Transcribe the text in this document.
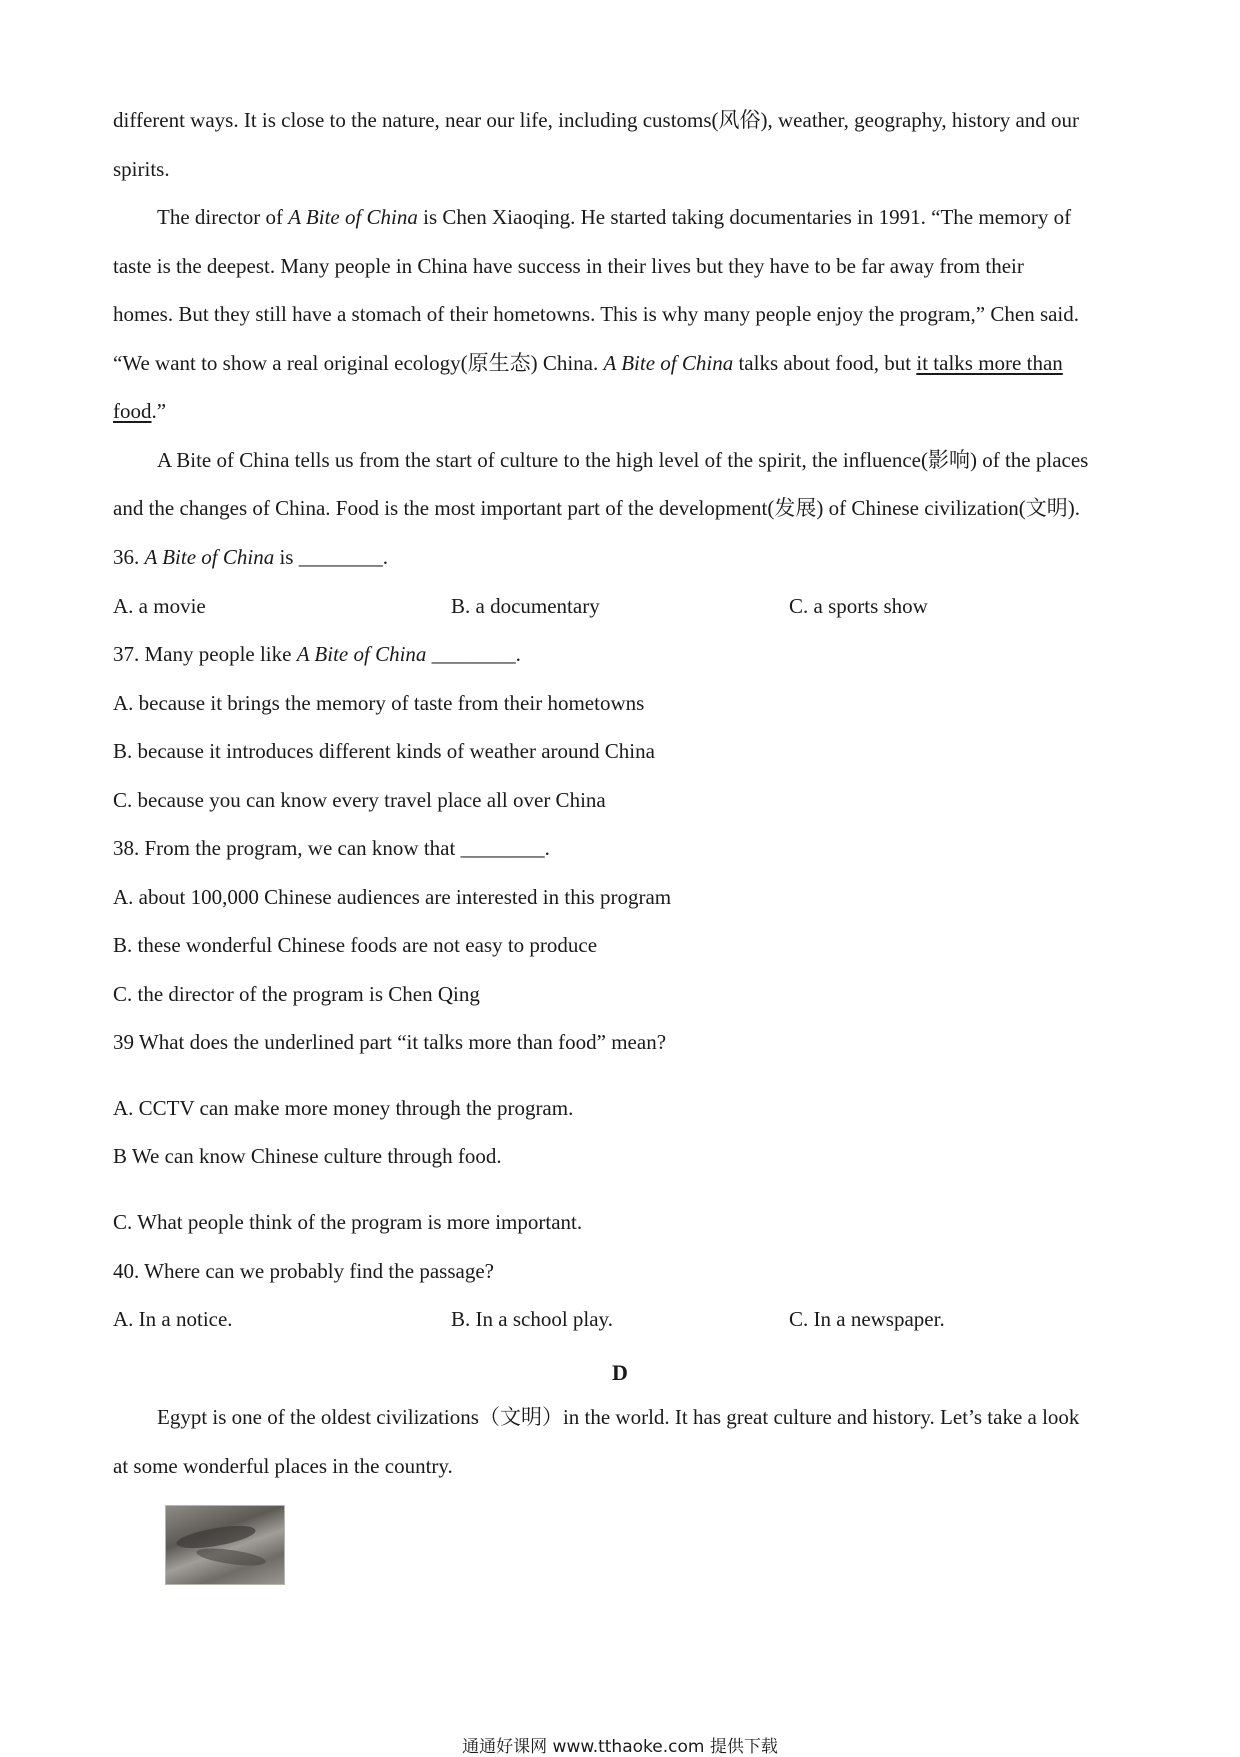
different ways. It is close to the nature, near our life, including customs(风俗), weather, geography, history and our
spirits.
The director of A Bite of China is Chen Xiaoqing. He started taking documentaries in 1991. “The memory of
taste is the deepest. Many people in China have success in their lives but they have to be far away from their
homes. But they still have a stomach of their hometowns. This is why many people enjoy the program,” Chen said.
“We want to show a real original ecology(原生态) China. A Bite of China talks about food, but it talks more than
food.”
A Bite of China tells us from the start of culture to the high level of the spirit, the influence(影响) of the places
and the changes of China. Food is the most important part of the development(发展) of Chinese civilization(文明).
36. A Bite of China is ________.
A. a movie	B. a documentary	C. a sports show
37. Many people like A Bite of China ________.
A. because it brings the memory of taste from their hometowns
B. because it introduces different kinds of weather around China
C. because you can know every travel place all over China
38. From the program, we can know that ________.
A. about 100,000 Chinese audiences are interested in this program
B. these wonderful Chinese foods are not easy to produce
C. the director of the program is Chen Qing
39 What does the underlined part “it talks more than food” mean?
A. CCTV can make more money through the program.
B We can know Chinese culture through food.
C. What people think of the program is more important.
40. Where can we probably find the passage?
A. In a notice.	B. In a school play.	C. In a newspaper.
D
Egypt is one of the oldest civilizations（文明）in the world. It has great culture and history. Let’s take a look
at some wonderful places in the country.
通通好课网 www.tthaoke.com 提供下载
